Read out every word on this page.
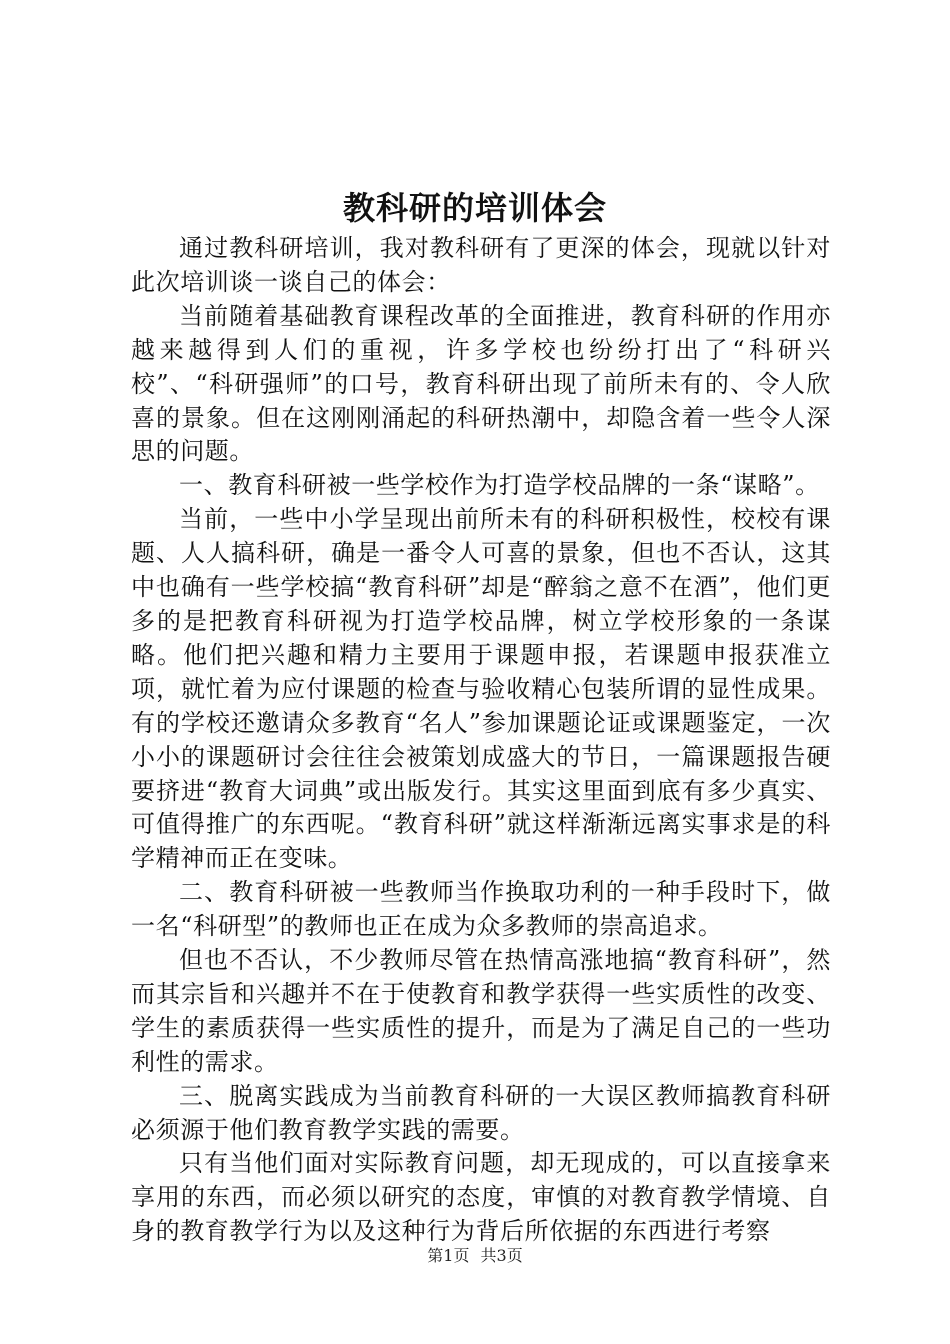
教科研的培训体会

通过教科研培训，我对教科研有了更深的体会，现就以针对此次培训谈一谈自己的体会：

当前随着基础教育课程改革的全面推进，教育科研的作用亦越来越得到人们的重视，许多学校也纷纷打出了“科研兴校”、“科研强师”的口号，教育科研出现了前所未有的、令人欣喜的景象。但在这刚刚涌起的科研热潮中，却隐含着一些令人深思的问题。

一、教育科研被一些学校作为打造学校品牌的一条“谋略”。

当前，一些中小学呈现出前所未有的科研积极性，校校有课题、人人搞科研，确是一番令人可喜的景象，但也不否认，这其中也确有一些学校搞“教育科研”却是“醉翁之意不在酒”，他们更多的是把教育科研视为打造学校品牌，树立学校形象的一条谋略。他们把兴趣和精力主要用于课题申报，若课题申报获准立项，就忙着为应付课题的检查与验收精心包装所谓的显性成果。有的学校还邀请众多教育“名人”参加课题论证或课题鉴定，一次小小的课题研讨会往往会被策划成盛大的节日，一篇课题报告硬要挤进“教育大词典”或出版发行。其实这里面到底有多少真实、可值得推广的东西呢。“教育科研”就这样渐渐远离实事求是的科学精神而正在变味。

二、教育科研被一些教师当作换取功利的一种手段时下，做一名“科研型”的教师也正在成为众多教师的崇高追求。

但也不否认，不少教师尽管在热情高涨地搞“教育科研”，然而其宗旨和兴趣并不在于使教育和教学获得一些实质性的改变、学生的素质获得一些实质性的提升，而是为了满足自己的一些功利性的需求。

三、脱离实践成为当前教育科研的一大误区教师搞教育科研必须源于他们教育教学实践的需要。

只有当他们面对实际教育问题，却无现成的，可以直接拿来享用的东西，而必须以研究的态度，审慎的对教育教学情境、自身的教育教学行为以及这种行为背后所依据的东西进行考察

第1页 共3页
